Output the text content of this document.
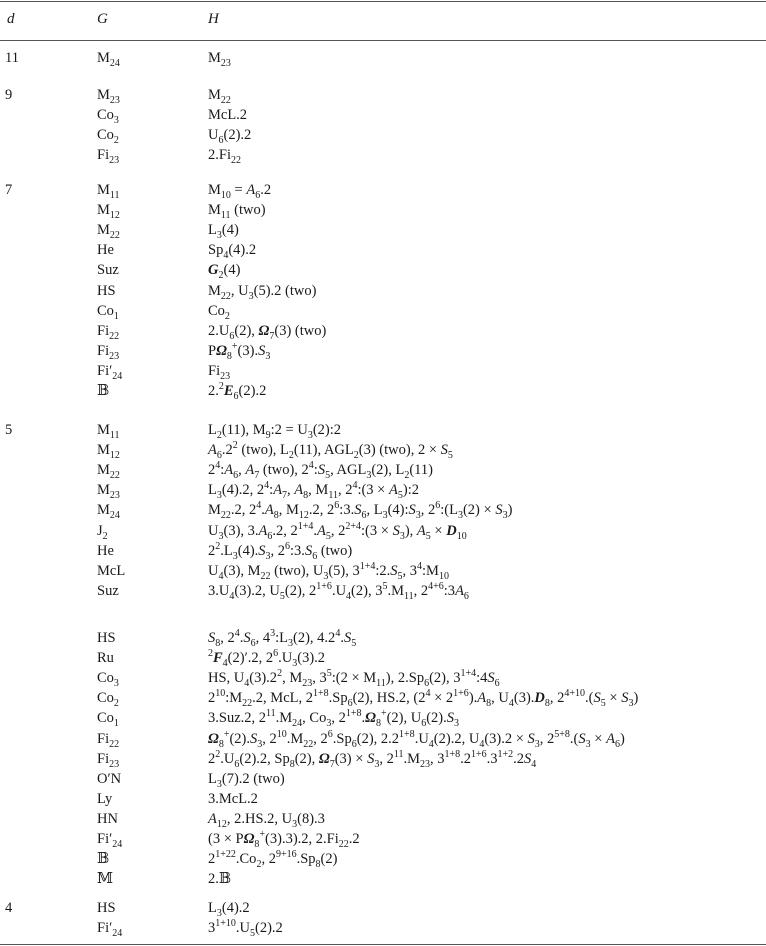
d	G	H
11	$M_{24}$	$M_{23}$
9	$M_{23}$	$M_{22}$
$Co_3$	McL.2
$Co_2$	$U_6(2).2$
$Fi_{23}$	$2.Fi_{22}$
7	$M_{11}$	$M_{10} = A_6.2$
$M_{12}$	$M_{11}$ (two)
$M_{22}$	$L_3(4)$
He	$Sp_4(4).2$
Suz	$G_2(4)$
HS	$M_{22}$, $U_3(5).2$ (two)
$Co_1$	$Co_2$
$Fi_{22}$	$2.U_6(2)$, $\Omega_7(3)$ (two)
$Fi_{23}$	$P\Omega_8^+(3).S_3$
$Fi'_{24}$	$Fi_{23}$
𝔹	$2.^2E_6(2).2$
5	$M_{11}$	$L_2(11)$, $M_9:2$ = $U_3(2):2$
$M_{12}$	$A_6.2^2$ (two), $L_2(11)$, $AGL_2(3)$ (two), $2 \times S_5$
$M_{22}$	$2^4:A_6$, $A_7$ (two), $2^4:S_5$, $AGL_3(2)$, $L_2(11)$
$M_{23}$	$L_3(4).2$, $2^4:A_7$, $A_8$, $M_{11}$, $2^4:(3$ × $A_5):2$
$M_{24}$	$M_{22}.2$, $2^4.A_8$, $M_{12}.2$, $2^6:3.S_6$, $L_3(4):S_3$, $2^6:(L_3(2) \times S_3)$
$J_2$	$U_3(3)$, $3.A_6.2$, $2^{1+4}.A_5$, $2^{2+4}:(3 \times S_3)$, $A_5 \times D_{10}$
He	$2^2.L_3(4).S_3$, $2^6:3.S_6$ (two)
McL	$U_4(3)$, $M_{22}$ (two), $U_3(5)$, $3^{1+4}:2.S_5$, $3^4:M_{10}$
Suz	$3.U_4(3).2$, $U_5(2)$, $2^{1+6}.U_4(2)$, $3^5.M_{11}$, $2^{4+6}:3A_6$
HS	$S_8$, $2^4.S_6$, $4^3:L_3(2)$, $4.2^4.S_5$
Ru	$^2F_4(2)'.2$, $2^6.U_3(3).2$
$Co_3$	HS, $U_4(3).2^2$, $M_{23}$, $3^5:(2 \times M_{11})$, $2.Sp_6(2)$, $3^{1+4}:4S_6$
$Co_2$	$2^{10}:M_{22}.2$, McL, $2^{1+8}.Sp_6(2)$, HS.2, $(2^4 \times 2^{1+6}).A_8$, $U_4(3).D_8$, $2^{4+10}.(S_5 \times S_3)$
$Co_1$	3.Suz.2, $2^{11}.M_{24}$, $Co_3$, $2^{1+8}.\Omega_8^+(2)$, $U_6(2).S_3$
$Fi_{22}$	$\Omega_8^+(2).S_3$, $2^{10}.M_{22}$, $2^6.Sp_6(2)$, $2.2^{1+8}.U_4(2).2$, $U_4(3).2 \times S_3$, $2^{5+8}.(S_3 \times A_6)$
$Fi_{23}$	$2^2.U_6(2).2$, $Sp_8(2)$, $\Omega_7(3) \times S_3$, $2^{11}.M_{23}$, $3^{1+8}.2^{1+6}.3^{1+2}.2S_4$
O′N	$L_3(7).2$ (two)
Ly	3.McL.2
HN	$A_{12}$, 2.HS.2, $U_3(8).3$
$Fi'_{24}$	$(3 \times P\Omega_8^+(3).3).2$, $2.Fi_{22}.2$
𝔹	$2^{1+22}.Co_2$, $2^{9+16}.Sp_8(2)$
𝕄	2.𝔹
4	HS	$L_3(4).2$
$Fi'_{24}$	$3^{1+10}.U_5(2).2$
